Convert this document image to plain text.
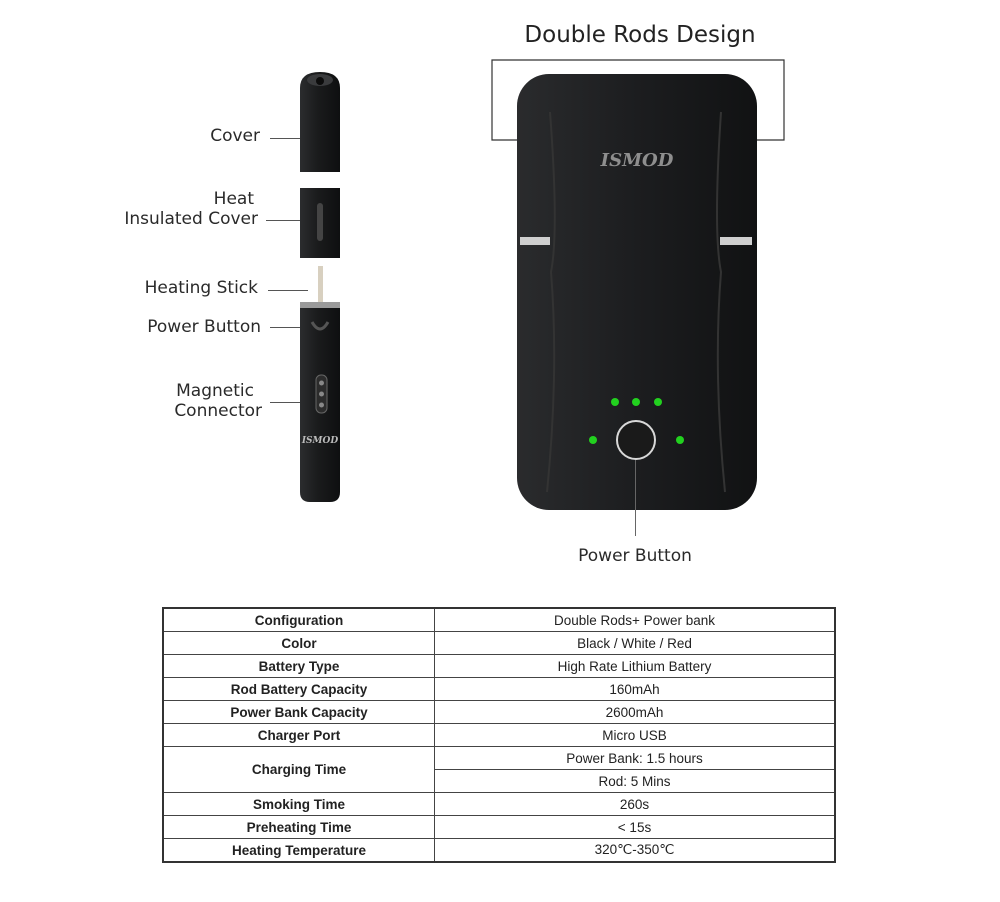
Double Rods Design
Cover
Heat
Insulated Cover
Heating Stick
Power Button
Magnetic
Connector
ISMOD
ISMOD
Power Button
Configuration	Double Rods+ Power bank
Color	Black / White / Red
Battery Type	High Rate Lithium Battery
Rod Battery Capacity	160mAh
Power Bank Capacity	2600mAh
Charger Port	Micro USB
Charging Time	Power Bank: 1.5 hours
	Rod: 5 Mins
Smoking Time	260s
Preheating Time	< 15s
Heating Temperature	320℃-350℃
